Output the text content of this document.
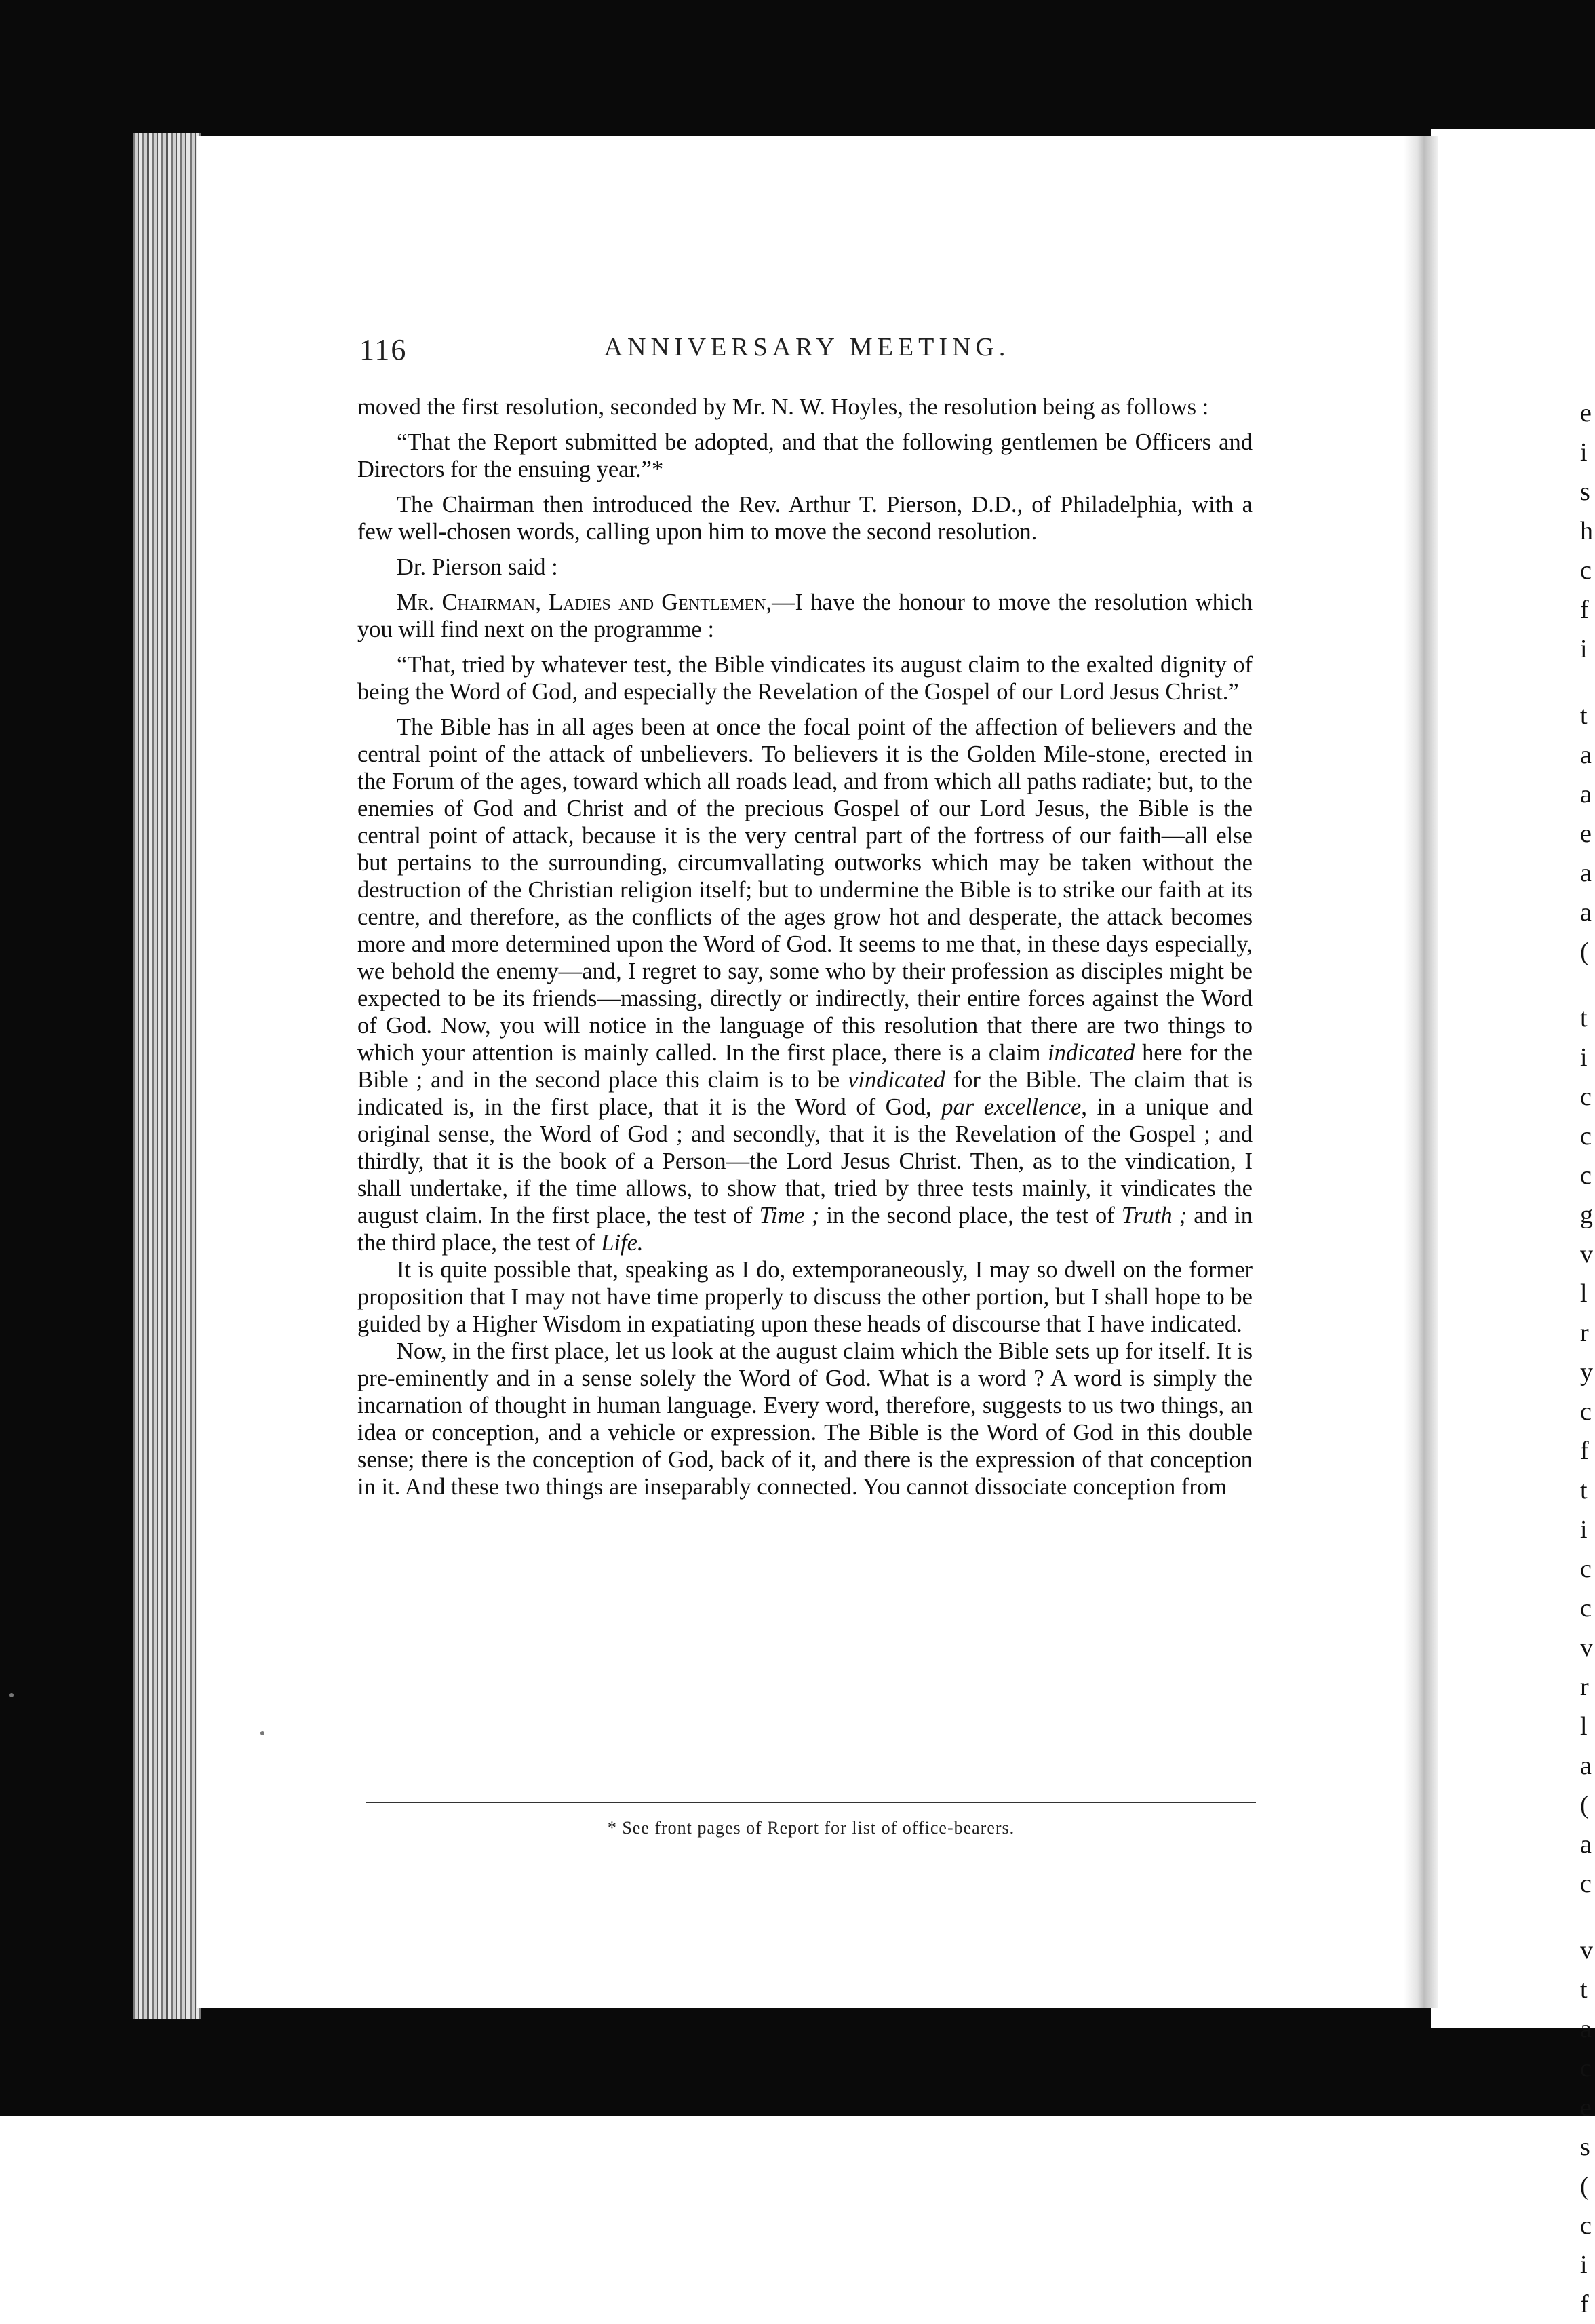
e
i
s
h
c
f
i
t
a
a
e
a
a
(
t
i
c
c
c
g
v
l
r
y
c
f
t
i
c
c
v
r
l
a
(
a
c
v
t
a
c
e
s
(
c
i
f
116	ANNIVERSARY MEETING.

moved the first resolution, seconded by Mr. N. W. Hoyles, the resolution being as follows :

“That the Report submitted be adopted, and that the following gentlemen be Officers and Directors for the ensuing year.”*

The Chairman then introduced the Rev. Arthur T. Pierson, D.D., of Philadelphia, with a few well-chosen words, calling upon him to move the second resolution.

Dr. Pierson said :

Mr. Chairman, Ladies and Gentlemen,—I have the honour to move the resolution which you will find next on the programme :

“That, tried by whatever test, the Bible vindicates its august claim to the exalted dignity of being the Word of God, and especially the Revelation of the Gospel of our Lord Jesus Christ.”

The Bible has in all ages been at once the focal point of the affection of believers and the central point of the attack of unbelievers. To believers it is the Golden Mile-stone, erected in the Forum of the ages, toward which all roads lead, and from which all paths radiate; but, to the enemies of God and Christ and of the precious Gospel of our Lord Jesus, the Bible is the central point of attack, because it is the very central part of the fortress of our faith—all else but pertains to the surrounding, circumvallating outworks which may be taken without the destruction of the Christian religion itself; but to undermine the Bible is to strike our faith at its centre, and therefore, as the conflicts of the ages grow hot and desperate, the attack becomes more and more determined upon the Word of God. It seems to me that, in these days especially, we behold the enemy—and, I regret to say, some who by their profession as disciples might be expected to be its friends—massing, directly or indirectly, their entire forces against the Word of God. Now, you will notice in the language of this resolution that there are two things to which your attention is mainly called. In the first place, there is a claim indicated here for the Bible ; and in the second place this claim is to be vindicated for the Bible. The claim that is indicated is, in the first place, that it is the Word of God, par excellence, in a unique and original sense, the Word of God ; and secondly, that it is the Revelation of the Gospel ; and thirdly, that it is the book of a Person—the Lord Jesus Christ. Then, as to the vindication, I shall undertake, if the time allows, to show that, tried by three tests mainly, it vindicates the august claim. In the first place, the test of Time ; in the second place, the test of Truth ; and in the third place, the test of Life.

It is quite possible that, speaking as I do, extemporaneously, I may so dwell on the former proposition that I may not have time properly to discuss the other portion, but I shall hope to be guided by a Higher Wisdom in expatiating upon these heads of discourse that I have indicated.

Now, in the first place, let us look at the august claim which the Bible sets up for itself. It is pre-eminently and in a sense solely the Word of God. What is a word ? A word is simply the incarnation of thought in human language. Every word, therefore, suggests to us two things, an idea or conception, and a vehicle or expression. The Bible is the Word of God in this double sense; there is the conception of God, back of it, and there is the expression of that conception in it. And these two things are inseparably connected. You cannot dissociate conception from

* See front pages of Report for list of office-bearers.
